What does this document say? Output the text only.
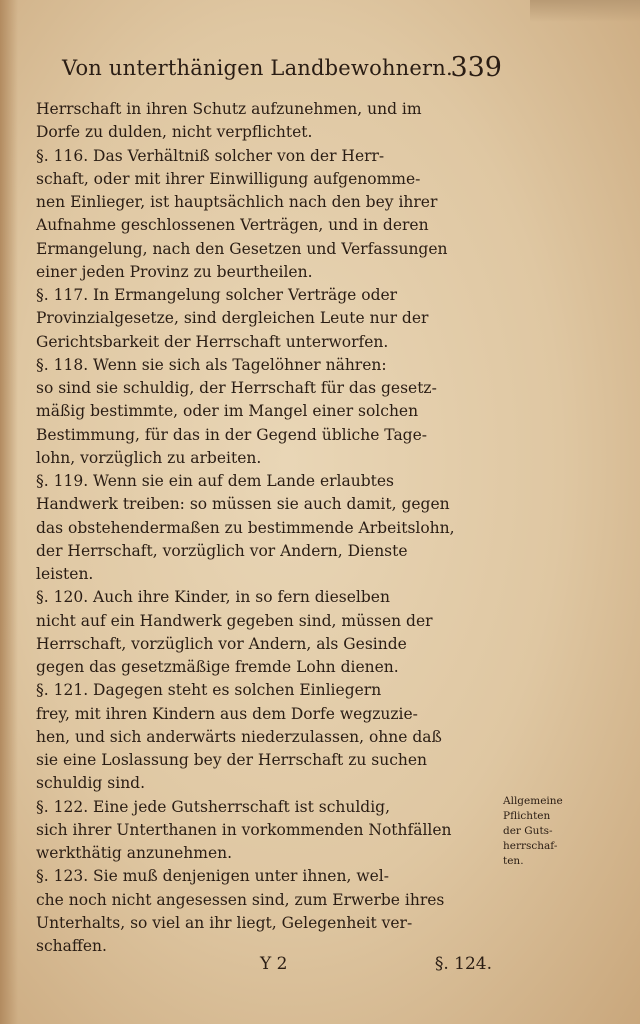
Von unterthänigen Landbewohnern.
339
Herrschaft in ihren Schutz aufzunehmen, und im
Dorfe zu dulden, nicht verpflichtet.
§. 116. Das Verhältniß solcher von der Herr-
schaft, oder mit ihrer Einwilligung aufgenomme-
nen Einlieger, ist hauptsächlich nach den bey ihrer
Aufnahme geschlossenen Verträgen, und in deren
Ermangelung, nach den Gesetzen und Verfassungen
einer jeden Provinz zu beurtheilen.
§. 117. In Ermangelung solcher Verträge oder
Provinzialgesetze, sind dergleichen Leute nur der
Gerichtsbarkeit der Herrschaft unterworfen.
§. 118. Wenn sie sich als Tagelöhner nähren:
so sind sie schuldig, der Herrschaft für das gesetz-
mäßig bestimmte, oder im Mangel einer solchen
Bestimmung, für das in der Gegend übliche Tage-
lohn, vorzüglich zu arbeiten.
§. 119. Wenn sie ein auf dem Lande erlaubtes
Handwerk treiben: so müssen sie auch damit, gegen
das obstehendermaßen zu bestimmende Arbeitslohn,
der Herrschaft, vorzüglich vor Andern, Dienste
leisten.
§. 120. Auch ihre Kinder, in so fern dieselben
nicht auf ein Handwerk gegeben sind, müssen der
Herrschaft, vorzüglich vor Andern, als Gesinde
gegen das gesetzmäßige fremde Lohn dienen.
§. 121. Dagegen steht es solchen Einliegern
frey, mit ihren Kindern aus dem Dorfe wegzuzie-
hen, und sich anderwärts niederzulassen, ohne daß
sie eine Loslassung bey der Herrschaft zu suchen
schuldig sind.
§. 122. Eine jede Gutsherrschaft ist schuldig,
sich ihrer Unterthanen in vorkommenden Nothfällen
werkthätig anzunehmen.
§. 123. Sie muß denjenigen unter ihnen, wel-
che noch nicht angesessen sind, zum Erwerbe ihres
Unterhalts, so viel an ihr liegt, Gelegenheit ver-
schaffen.
Allgemeine
Pflichten
der Guts-
herrschaf-
ten.
Y 2	§. 124.
